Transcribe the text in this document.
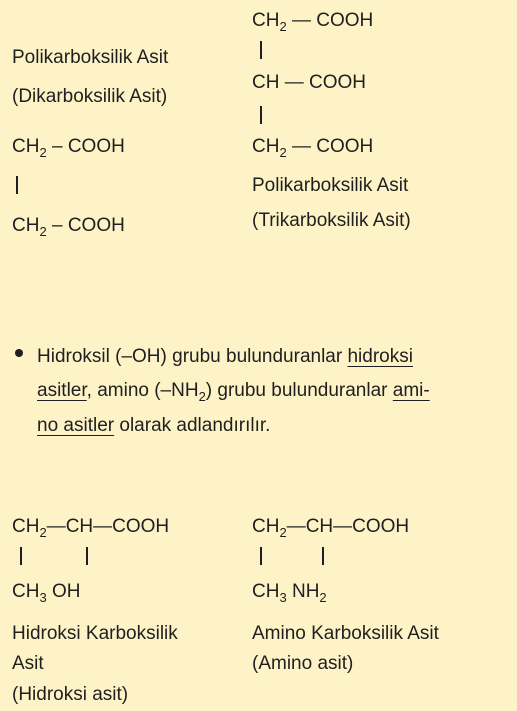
Polikarboksilik Asit
(Dikarboksilik Asit)
$CH_2$ – COOH
$CH_2$ – COOH
$CH_2$ — COOH
CH — COOH
$CH_2$ — COOH
Polikarboksilik Asit
(Trikarboksilik Asit)
Hidroksil (–OH) grubu bulunduranlar hidroksi
asitler, amino $(-NH_2)$ grubu bulunduranlar ami-
no asitler olarak adlandırılır.
$CH_2—CH—COOH$
$CH_3$ OH
Hidroksi Karboksilik
Asit
(Hidroksi asit)
$CH_2—CH—COOH$
$CH_3$ $NH_2$
Amino Karboksilik Asit
(Amino asit)
